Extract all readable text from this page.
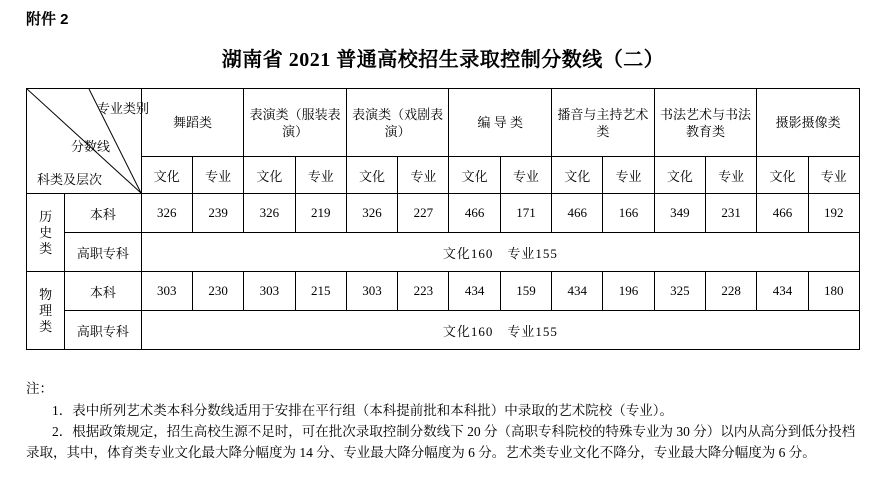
附件 2
湖南省 2021 普通高校招生录取控制分数线（二）
专业类别
分数线
科类及层次		舞蹈类		表演类（服装表演）		表演类（戏剧表演）		编 导 类		播音与主持艺术类		书法艺术与书法教育类		摄影摄像类	
		文化	专业	文化	专业	文化	专业	文化	专业	文化	专业	文化	专业	文化	专业

历
史
类	本科	326	239	326	219	326	227	466	171	466	166	349	231	466	192
	高职专科	文化160　专业155													

物
理
类	本科	303	230	303	215	303	223	434	159	434	196	325	228	434	180
	高职专科	文化160　专业155													

注：

1．表中所列艺术类本科分数线适用于安排在平行组（本科提前批和本科批）中录取的艺术院校（专业）。

2．根据政策规定，招生高校生源不足时，可在批次录取控制分数线下 20 分（高职专科院校的特殊专业为 30 分）以内从高分到低分投档录取，其中，体育类专业文化最大降分幅度为 14 分、专业最大降分幅度为 6 分。艺术类专业文化不降分，专业最大降分幅度为 6 分。
